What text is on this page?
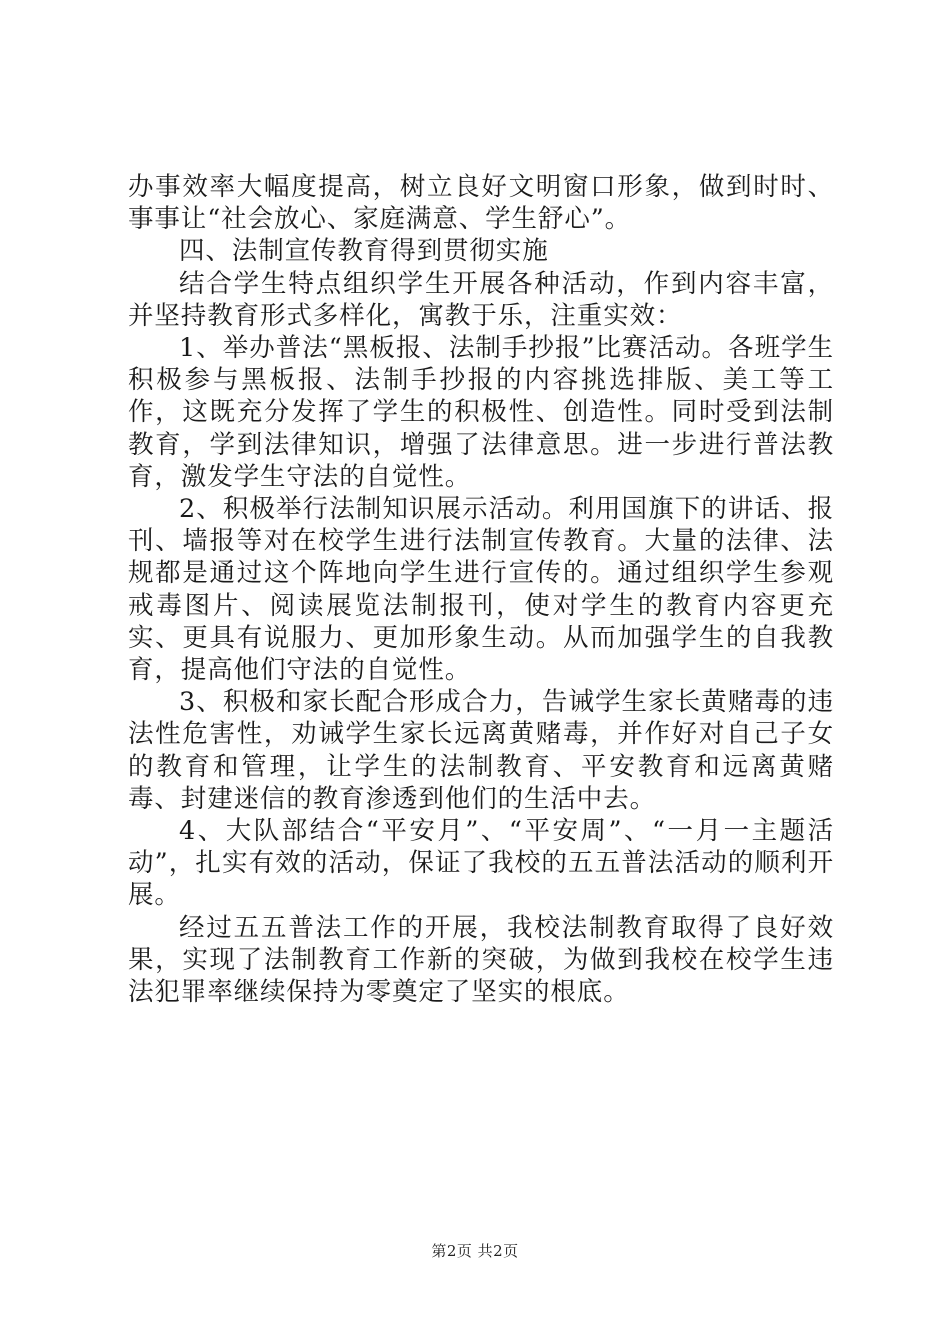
办事效率大幅度提高，树立良好文明窗口形象，做到时时、事事让“社会放心、家庭满意、学生舒心”。

四、法制宣传教育得到贯彻实施

结合学生特点组织学生开展各种活动，作到内容丰富，并坚持教育形式多样化，寓教于乐，注重实效：

1、举办普法“黑板报、法制手抄报”比赛活动。各班学生积极参与黑板报、法制手抄报的内容挑选排版、美工等工作，这既充分发挥了学生的积极性、创造性。同时受到法制教育，学到法律知识，增强了法律意思。进一步进行普法教育，激发学生守法的自觉性。

2、积极举行法制知识展示活动。利用国旗下的讲话、报刊、墙报等对在校学生进行法制宣传教育。大量的法律、法规都是通过这个阵地向学生进行宣传的。通过组织学生参观戒毒图片、阅读展览法制报刊，使对学生的教育内容更充实、更具有说服力、更加形象生动。从而加强学生的自我教育，提高他们守法的自觉性。

3、积极和家长配合形成合力，告诫学生家长黄赌毒的违法性危害性，劝诫学生家长远离黄赌毒，并作好对自己子女的教育和管理，让学生的法制教育、平安教育和远离黄赌毒、封建迷信的教育渗透到他们的生活中去。

4、大队部结合“平安月”、“平安周”、“一月一主题活动”，扎实有效的活动，保证了我校的五五普法活动的顺利开展。

经过五五普法工作的开展，我校法制教育取得了良好效果，实现了法制教育工作新的突破，为做到我校在校学生违法犯罪率继续保持为零奠定了坚实的根底。

第2页 共2页
